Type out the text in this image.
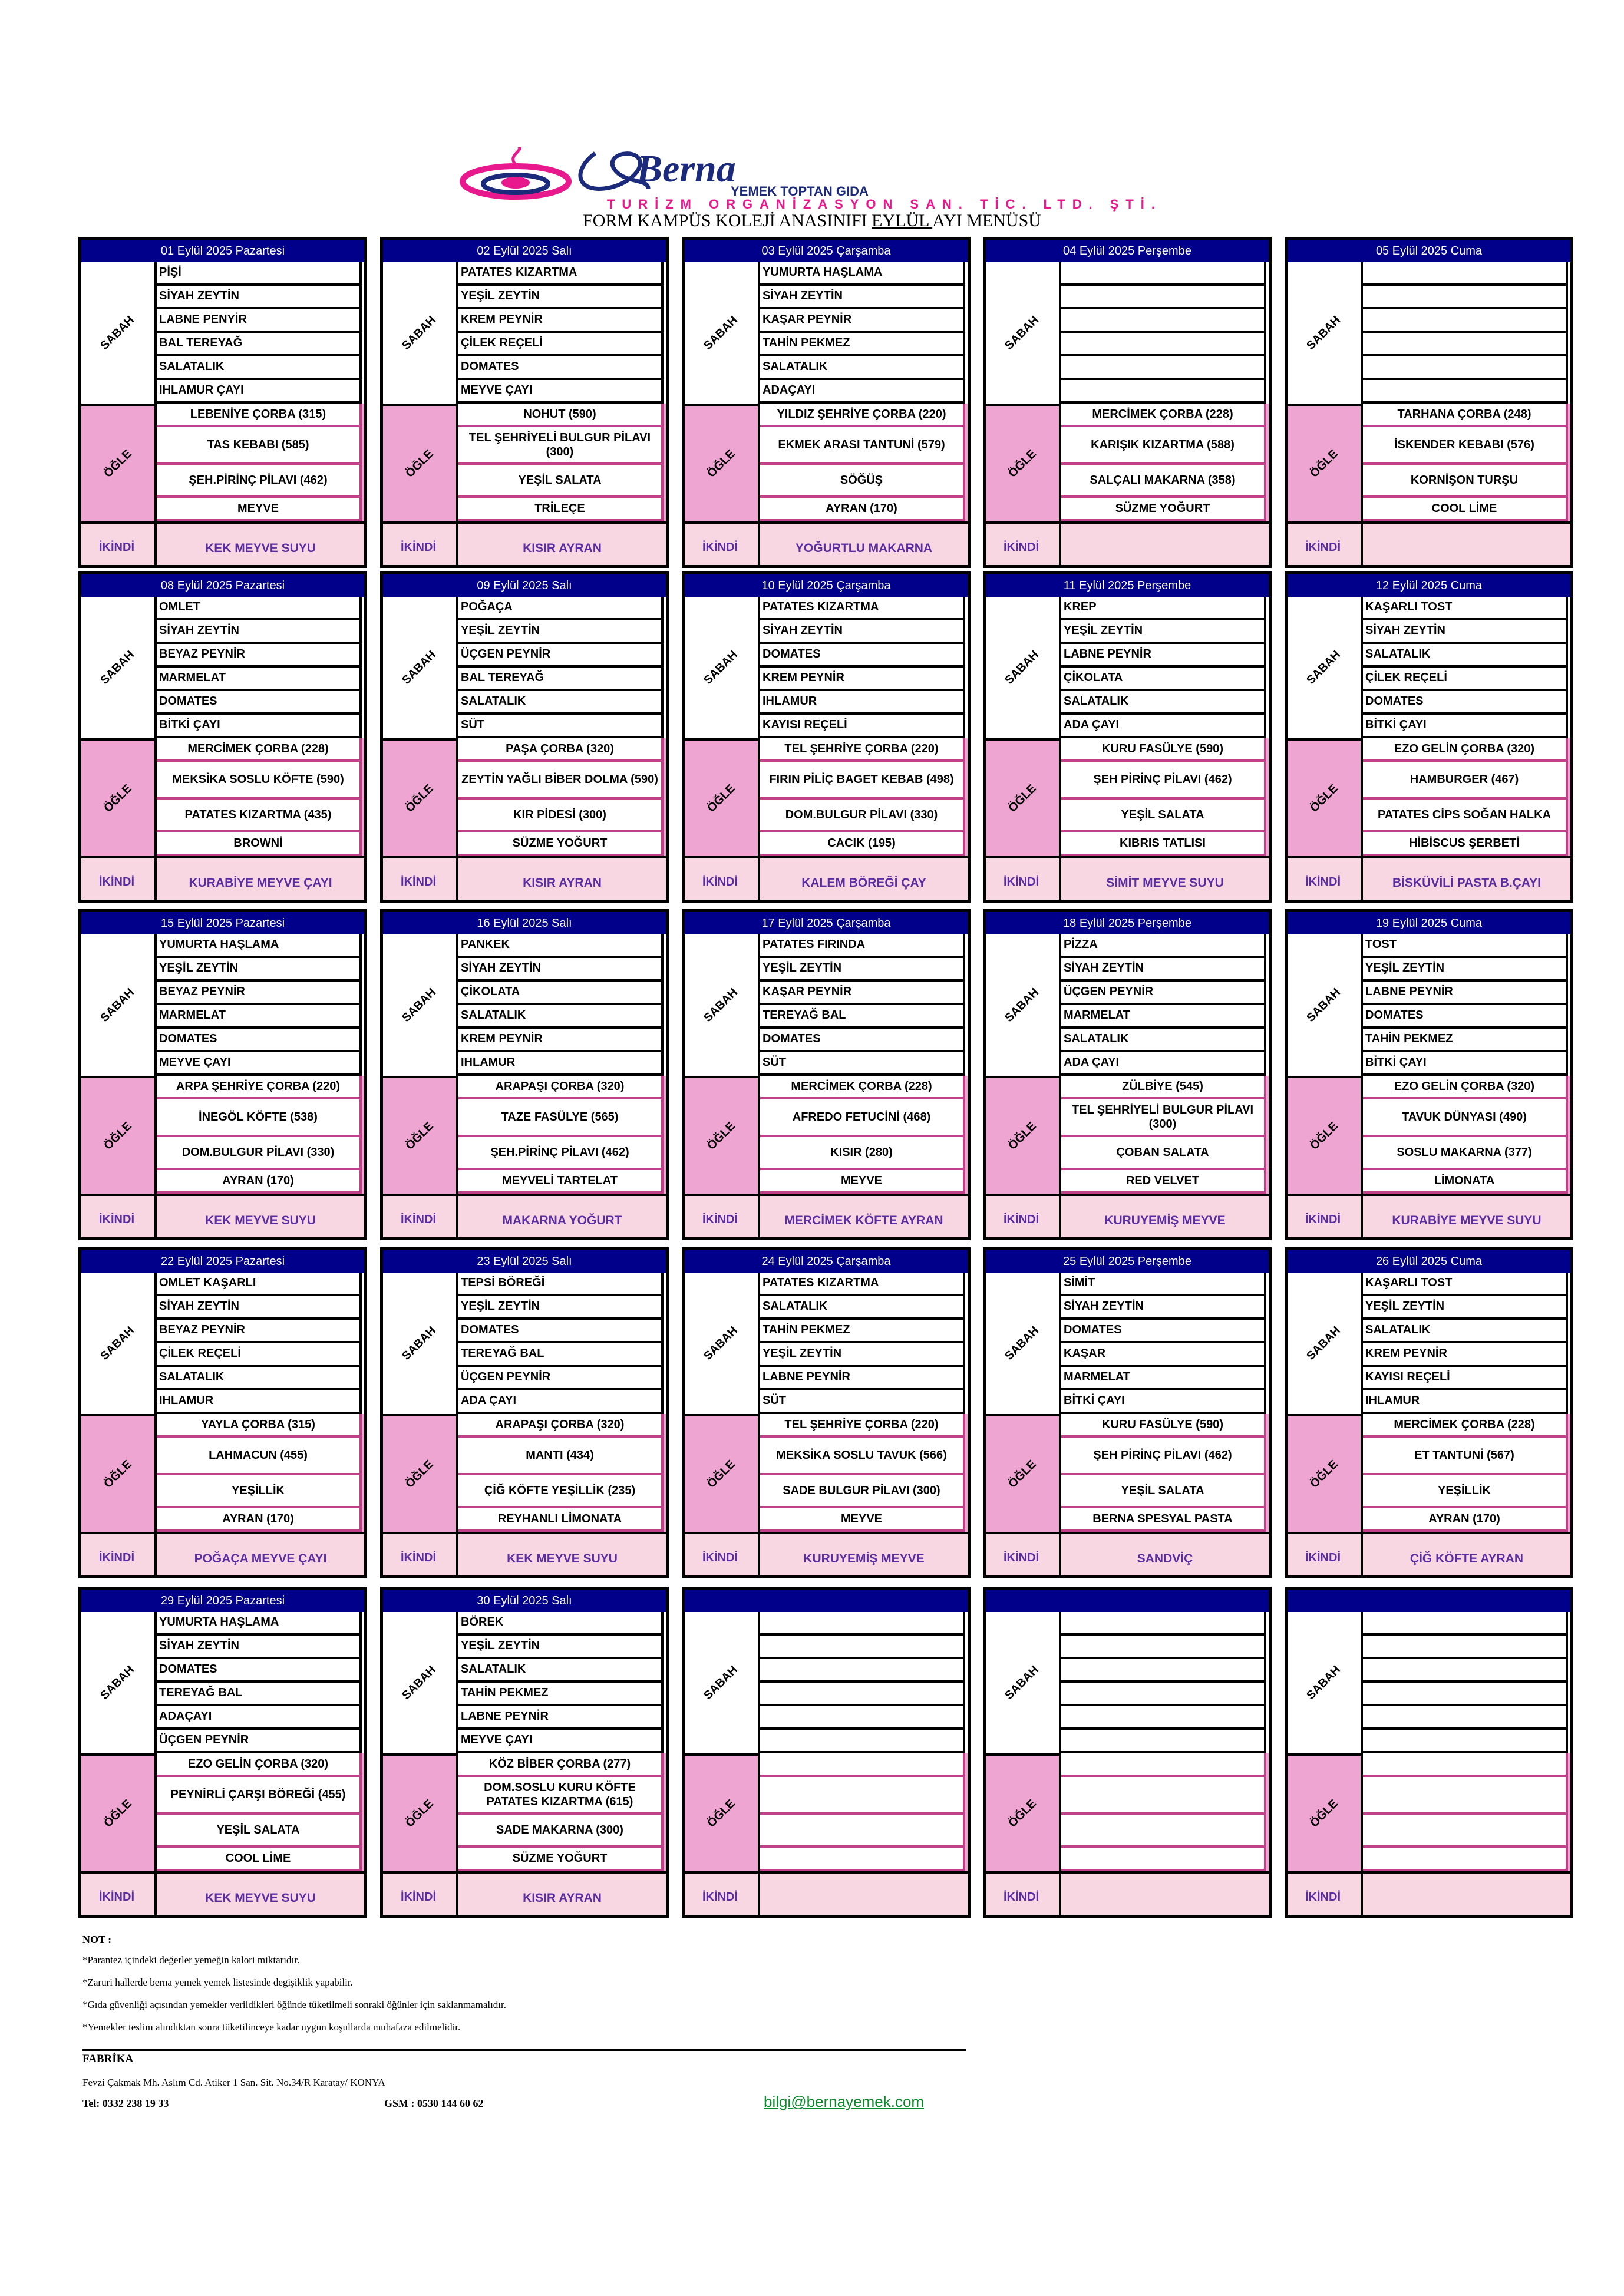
Berna
YEMEK TOPTAN GIDA
TURİZM ORGANİZASYON SAN. TİC. LTD. ŞTİ.
FORM KAMPÜS KOLEJİ ANASINIFI EYLÜL AYI MENÜSÜ
01 Eylül 2025 Pazartesi
SABAH
PİŞİ
SİYAH ZEYTİN
LABNE PENYİR
BAL TEREYAĞ
SALATALIK
IHLAMUR ÇAYI
ÖĞLE
LEBENİYE ÇORBA (315)
TAS KEBABI (585)
ŞEH.PİRİNÇ PİLAVI (462)
MEYVE
İKİNDİ	KEK MEYVE SUYU
02 Eylül 2025 Salı
SABAH
PATATES KIZARTMA
YEŞİL ZEYTİN
KREM PEYNİR
ÇİLEK REÇELİ
DOMATES
MEYVE ÇAYI
ÖĞLE
NOHUT (590)
TEL ŞEHRİYELİ BULGUR PİLAVI (300)
YEŞİL SALATA
TRİLEÇE
İKİNDİ	KISIR AYRAN
03 Eylül 2025 Çarşamba
SABAH
YUMURTA HAŞLAMA
SİYAH ZEYTİN
KAŞAR PEYNİR
TAHİN PEKMEZ
SALATALIK
ADAÇAYI
ÖĞLE
YILDIZ ŞEHRİYE ÇORBA (220)
EKMEK ARASI TANTUNİ (579)
SÖĞÜŞ
AYRAN (170)
İKİNDİ	YOĞURTLU MAKARNA
04 Eylül 2025 Perşembe
SABAH
ÖĞLE
MERCİMEK ÇORBA (228)
KARIŞIK KIZARTMA (588)
SALÇALI MAKARNA (358)
SÜZME YOĞURT
İKİNDİ
05 Eylül 2025 Cuma
SABAH
ÖĞLE
TARHANA ÇORBA (248)
İSKENDER KEBABI (576)
KORNİŞON TURŞU
COOL LİME
İKİNDİ
08 Eylül 2025 Pazartesi
SABAH
OMLET
SİYAH ZEYTİN
BEYAZ PEYNİR
MARMELAT
DOMATES
BİTKİ ÇAYI
ÖĞLE
MERCİMEK ÇORBA (228)
MEKSİKA SOSLU KÖFTE (590)
PATATES KIZARTMA (435)
BROWNİ
İKİNDİ	KURABİYE MEYVE ÇAYI
09 Eylül 2025 Salı
SABAH
POĞAÇA
YEŞİL ZEYTİN
ÜÇGEN PEYNİR
BAL TEREYAĞ
SALATALIK
SÜT
ÖĞLE
PAŞA ÇORBA (320)
ZEYTİN YAĞLI BİBER DOLMA (590)
KIR PİDESİ (300)
SÜZME YOĞURT
İKİNDİ	KISIR AYRAN
10 Eylül 2025 Çarşamba
SABAH
PATATES KIZARTMA
SİYAH ZEYTİN
DOMATES
KREM PEYNİR
IHLAMUR
KAYISI REÇELİ
ÖĞLE
TEL ŞEHRİYE ÇORBA (220)
FIRIN PİLİÇ BAGET KEBAB (498)
DOM.BULGUR PİLAVI (330)
CACIK (195)
İKİNDİ	KALEM BÖREĞİ ÇAY
11 Eylül 2025 Perşembe
SABAH
KREP
YEŞİL ZEYTİN
LABNE PEYNİR
ÇİKOLATA
SALATALIK
ADA ÇAYI
ÖĞLE
KURU FASÜLYE (590)
ŞEH PİRİNÇ PİLAVI (462)
YEŞİL SALATA
KIBRIS TATLISI
İKİNDİ	SİMİT MEYVE SUYU
12 Eylül 2025 Cuma
SABAH
KAŞARLI TOST
SİYAH ZEYTİN
SALATALIK
ÇİLEK REÇELİ
DOMATES
BİTKİ ÇAYI
ÖĞLE
EZO GELİN ÇORBA (320)
HAMBURGER (467)
PATATES CİPS SOĞAN HALKA
HİBİSCUS ŞERBETİ
İKİNDİ	BİSKÜVİLİ PASTA B.ÇAYI
15 Eylül 2025 Pazartesi
SABAH
YUMURTA HAŞLAMA
YEŞİL ZEYTİN
BEYAZ PEYNİR
MARMELAT
DOMATES
MEYVE ÇAYI
ÖĞLE
ARPA ŞEHRİYE ÇORBA (220)
İNEGÖL KÖFTE (538)
DOM.BULGUR PİLAVI (330)
AYRAN (170)
İKİNDİ	KEK MEYVE SUYU
16 Eylül 2025 Salı
SABAH
PANKEK
SİYAH ZEYTİN
ÇİKOLATA
SALATALIK
KREM PEYNİR
IHLAMUR
ÖĞLE
ARAPAŞI ÇORBA (320)
TAZE FASÜLYE (565)
ŞEH.PİRİNÇ PİLAVI (462)
MEYVELİ TARTELAT
İKİNDİ	MAKARNA YOĞURT
17 Eylül 2025 Çarşamba
SABAH
PATATES FIRINDA
YEŞİL ZEYTİN
KAŞAR PEYNİR
TEREYAĞ BAL
DOMATES
SÜT
ÖĞLE
MERCİMEK ÇORBA (228)
AFREDO FETUCİNİ (468)
KISIR (280)
MEYVE
İKİNDİ	MERCİMEK KÖFTE AYRAN
18 Eylül 2025 Perşembe
SABAH
PİZZA
SİYAH ZEYTİN
ÜÇGEN PEYNİR
MARMELAT
SALATALIK
ADA ÇAYI
ÖĞLE
ZÜLBİYE (545)
TEL ŞEHRİYELİ BULGUR PİLAVI (300)
ÇOBAN SALATA
RED VELVET
İKİNDİ	KURUYEMİŞ MEYVE
19 Eylül 2025 Cuma
SABAH
TOST
YEŞİL ZEYTİN
LABNE PEYNİR
DOMATES
TAHİN PEKMEZ
BİTKİ ÇAYI
ÖĞLE
EZO GELİN ÇORBA (320)
TAVUK DÜNYASI (490)
SOSLU MAKARNA (377)
LİMONATA
İKİNDİ	KURABİYE MEYVE SUYU
22 Eylül 2025 Pazartesi
SABAH
OMLET KAŞARLI
SİYAH ZEYTİN
BEYAZ PEYNİR
ÇİLEK REÇELİ
SALATALIK
IHLAMUR
ÖĞLE
YAYLA ÇORBA (315)
LAHMACUN (455)
YEŞİLLİK
AYRAN (170)
İKİNDİ	POĞAÇA MEYVE ÇAYI
23 Eylül 2025 Salı
SABAH
TEPSİ BÖREĞİ
YEŞİL ZEYTİN
DOMATES
TEREYAĞ BAL
ÜÇGEN PEYNİR
ADA ÇAYI
ÖĞLE
ARAPAŞI ÇORBA (320)
MANTI (434)
ÇİĞ KÖFTE YEŞİLLİK (235)
REYHANLI LİMONATA
İKİNDİ	KEK MEYVE SUYU
24 Eylül 2025 Çarşamba
SABAH
PATATES KIZARTMA
SALATALIK
TAHİN PEKMEZ
YEŞİL ZEYTİN
LABNE PEYNİR
SÜT
ÖĞLE
TEL ŞEHRİYE ÇORBA (220)
MEKSİKA SOSLU TAVUK (566)
SADE BULGUR PİLAVI (300)
MEYVE
İKİNDİ	KURUYEMİŞ MEYVE
25 Eylül 2025 Perşembe
SABAH
SİMİT
SİYAH ZEYTİN
DOMATES
KAŞAR
MARMELAT
BİTKİ ÇAYI
ÖĞLE
KURU FASÜLYE (590)
ŞEH PİRİNÇ PİLAVI (462)
YEŞİL SALATA
BERNA SPESYAL PASTA
İKİNDİ	SANDVİÇ
26 Eylül 2025 Cuma
SABAH
KAŞARLI TOST
YEŞİL ZEYTİN
SALATALIK
KREM PEYNİR
KAYISI REÇELİ
IHLAMUR
ÖĞLE
MERCİMEK ÇORBA (228)
ET TANTUNİ (567)
YEŞİLLİK
AYRAN (170)
İKİNDİ	ÇİĞ KÖFTE AYRAN
29 Eylül 2025 Pazartesi
SABAH
YUMURTA HAŞLAMA
SİYAH ZEYTİN
DOMATES
TEREYAĞ BAL
ADAÇAYI
ÜÇGEN PEYNİR
ÖĞLE
EZO GELİN ÇORBA (320)
PEYNİRLİ ÇARŞI BÖREĞİ (455)
YEŞİL SALATA
COOL LİME
İKİNDİ	KEK MEYVE SUYU
30 Eylül 2025 Salı
SABAH
BÖREK
YEŞİL ZEYTİN
SALATALIK
TAHİN PEKMEZ
LABNE PEYNİR
MEYVE ÇAYI
ÖĞLE
KÖZ BİBER ÇORBA (277)
DOM.SOSLU KURU KÖFTE PATATES KIZARTMA (615)
SADE MAKARNA (300)
SÜZME YOĞURT
İKİNDİ	KISIR AYRAN
SABAH
ÖĞLE
İKİNDİ
SABAH
ÖĞLE
İKİNDİ
SABAH
ÖĞLE
İKİNDİ
NOT :
*Parantez içindeki değerler yemeğin kalori miktarıdır.
*Zaruri hallerde berna yemek yemek listesinde degişiklik yapabilir.
*Gıda güvenliği açısından yemekler verildikleri öğünde tüketilmeli sonraki öğünler için saklanmamalıdır.
*Yemekler teslim alındıktan sonra tüketilinceye kadar uygun koşullarda muhafaza edilmelidir.
FABRİKA
Fevzi Çakmak Mh. Aslım Cd. Atiker 1 San. Sit. No.34/R Karatay/ KONYA
Tel: 0332 238 19 33	GSM : 0530 144 60 62	bilgi@bernayemek.com
